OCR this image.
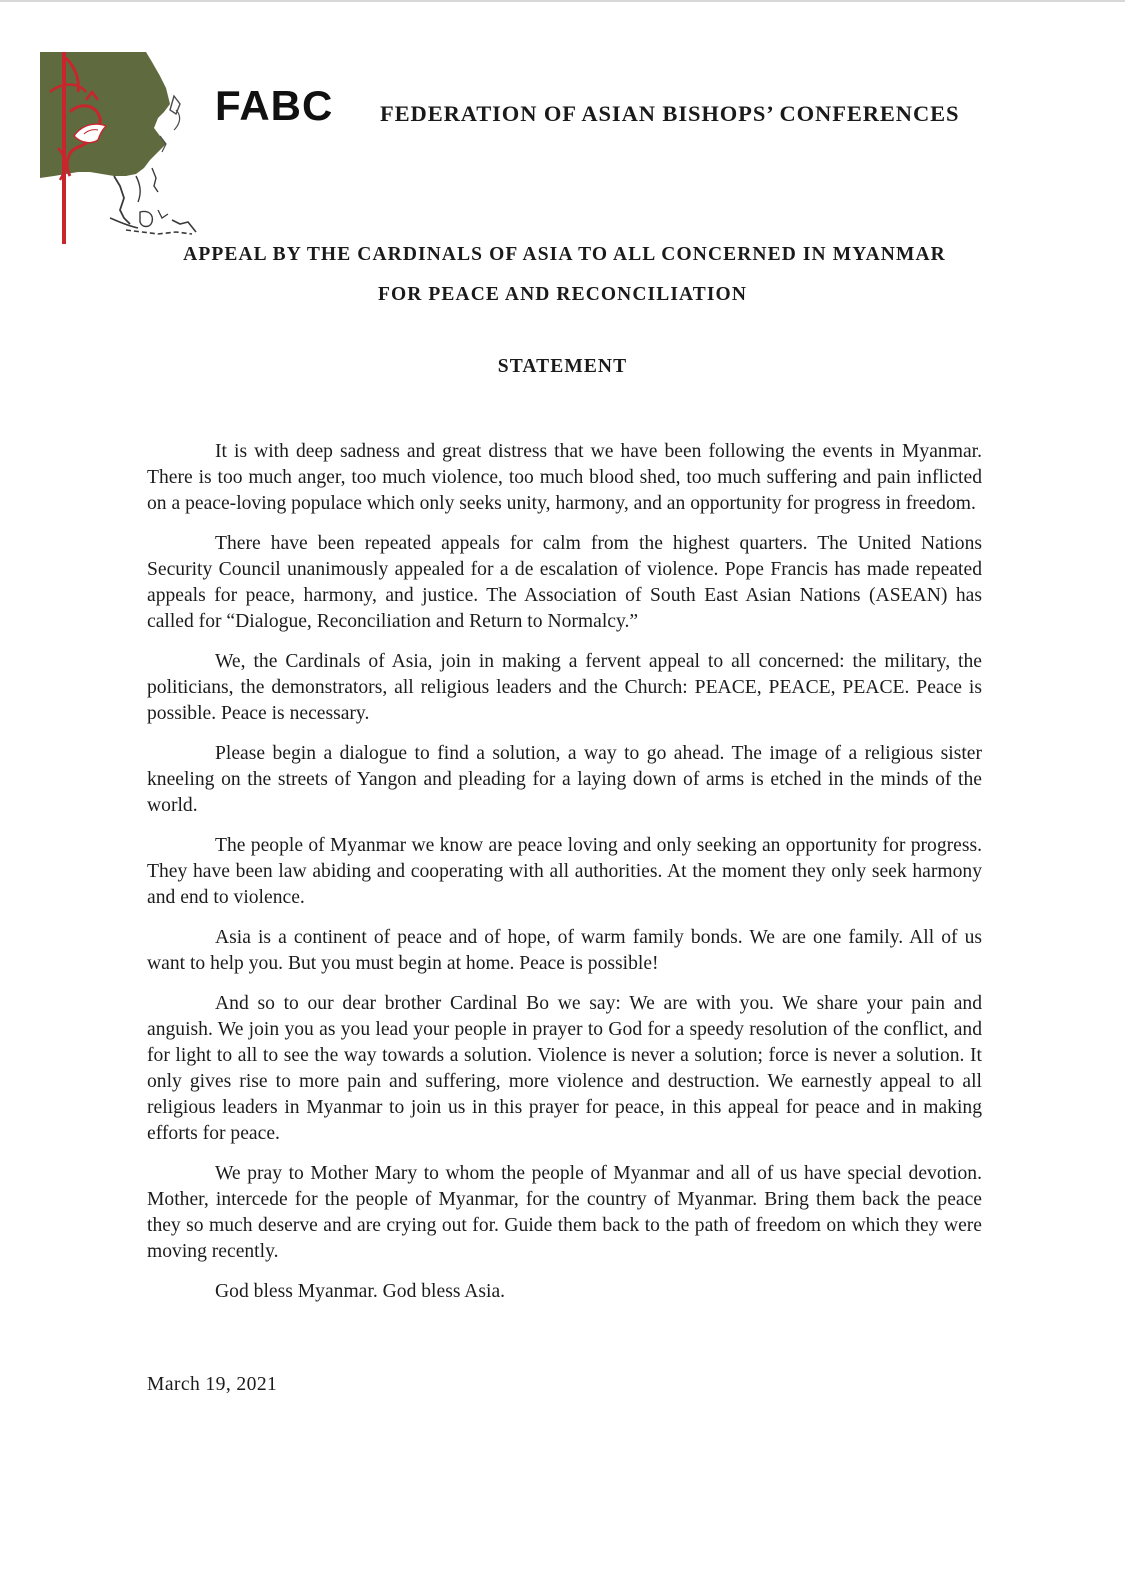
FABC FEDERATION OF ASIAN BISHOPS’ CONFERENCES
APPEAL BY THE CARDINALS OF ASIA TO ALL CONCERNED IN MYANMAR
FOR PEACE AND RECONCILIATION
STATEMENT

It is with deep sadness and great distress that we have been following the events in Myanmar. There is too much anger, too much violence, too much blood shed, too much suffering and pain inflicted on a peace-loving populace which only seeks unity, harmony, and an opportunity for progress in freedom.

There have been repeated appeals for calm from the highest quarters. The United Nations Security Council unanimously appealed for a de escalation of violence. Pope Francis has made repeated appeals for peace, harmony, and justice. The Association of South East Asian Nations (ASEAN) has called for “Dialogue, Reconciliation and Return to Normalcy.”

We, the Cardinals of Asia, join in making a fervent appeal to all concerned: the military, the politicians, the demonstrators, all religious leaders and the Church: PEACE, PEACE, PEACE. Peace is possible. Peace is necessary.

Please begin a dialogue to find a solution, a way to go ahead. The image of a religious sister kneeling on the streets of Yangon and pleading for a laying down of arms is etched in the minds of the world.

The people of Myanmar we know are peace loving and only seeking an opportunity for progress. They have been law abiding and cooperating with all authorities. At the moment they only seek harmony and end to violence.

Asia is a continent of peace and of hope, of warm family bonds. We are one family. All of us want to help you. But you must begin at home. Peace is possible!

And so to our dear brother Cardinal Bo we say: We are with you. We share your pain and anguish. We join you as you lead your people in prayer to God for a speedy resolution of the conflict, and for light to all to see the way towards a solution. Violence is never a solution; force is never a solution. It only gives rise to more pain and suffering, more violence and destruction. We earnestly appeal to all religious leaders in Myanmar to join us in this prayer for peace, in this appeal for peace and in making efforts for peace.

We pray to Mother Mary to whom the people of Myanmar and all of us have special devotion. Mother, intercede for the people of Myanmar, for the country of Myanmar. Bring them back the peace they so much deserve and are crying out for. Guide them back to the path of freedom on which they were moving recently.

God bless Myanmar. God bless Asia.

March 19, 2021
